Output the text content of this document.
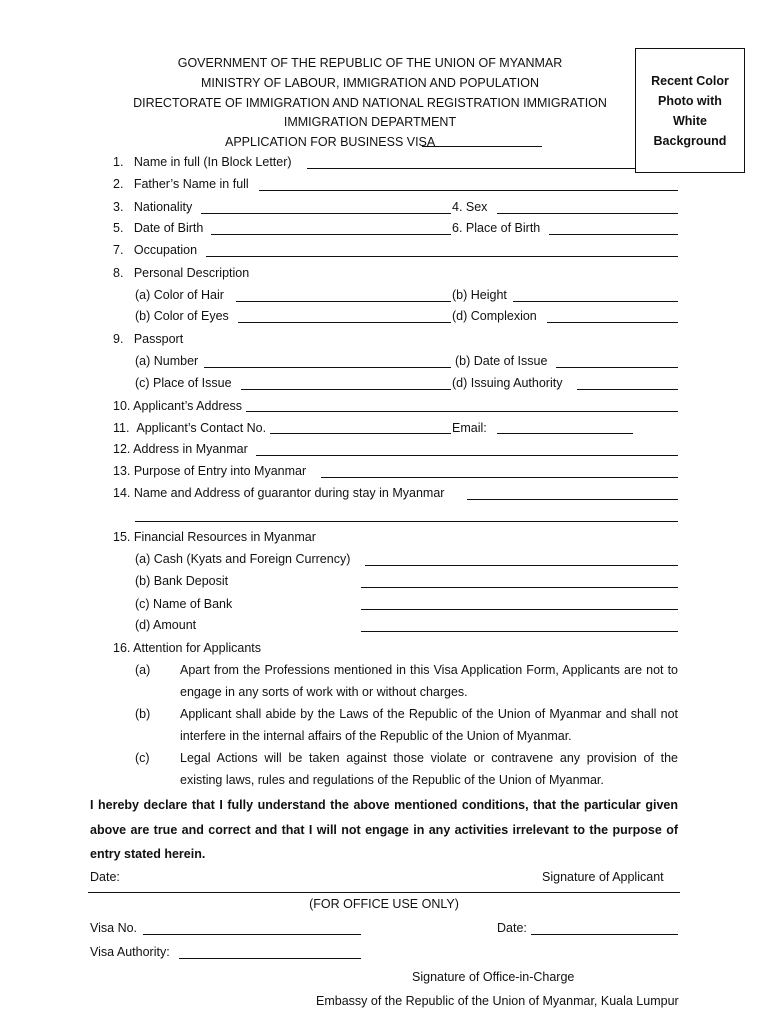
GOVERNMENT OF THE REPUBLIC OF THE UNION OF MYANMAR
MINISTRY OF LABOUR, IMMIGRATION AND POPULATION
DIRECTORATE OF IMMIGRATION AND NATIONAL REGISTRATION IMMIGRATION
IMMIGRATION DEPARTMENT
APPLICATION FOR BUSINESS VISA
Recent Color
Photo with
White
Background
1.   Name in full (In Block Letter)
2.   Father’s Name in full
3.   Nationality	4. Sex
5.   Date of Birth	6. Place of Birth
7.   Occupation
8.   Personal Description
(a) Color of Hair	(b) Height
(b) Color of Eyes	(d) Complexion
9.   Passport
(a) Number	(b) Date of Issue
(c) Place of Issue	(d) Issuing Authority
10. Applicant’s Address
11.  Applicant’s Contact No.	Email:
12. Address in Myanmar
13. Purpose of Entry into Myanmar
14. Name and Address of guarantor during stay in Myanmar
15. Financial Resources in Myanmar
(a) Cash (Kyats and Foreign Currency)
(b) Bank Deposit
(c) Name of Bank
(d) Amount
16. Attention for Applicants
(a) Apart from the Professions mentioned in this Visa Application Form, Applicants are not to engage in any sorts of work with or without charges.
(b) Applicant shall abide by the Laws of the Republic of the Union of Myanmar and shall not interfere in the internal affairs of the Republic of the Union of Myanmar.
(c) Legal Actions will be taken against those violate or contravene any provision of the existing laws, rules and regulations of the Republic of the Union of Myanmar.
I hereby declare that I fully understand the above mentioned conditions, that the particular given above are true and correct and that I will not engage in any activities irrelevant to the purpose of entry stated herein.
Date:	Signature of Applicant
(FOR OFFICE USE ONLY)
Visa No.	Date:
Visa Authority:
Signature of Office-in-Charge
Embassy of the Republic of the Union of Myanmar, Kuala Lumpur
